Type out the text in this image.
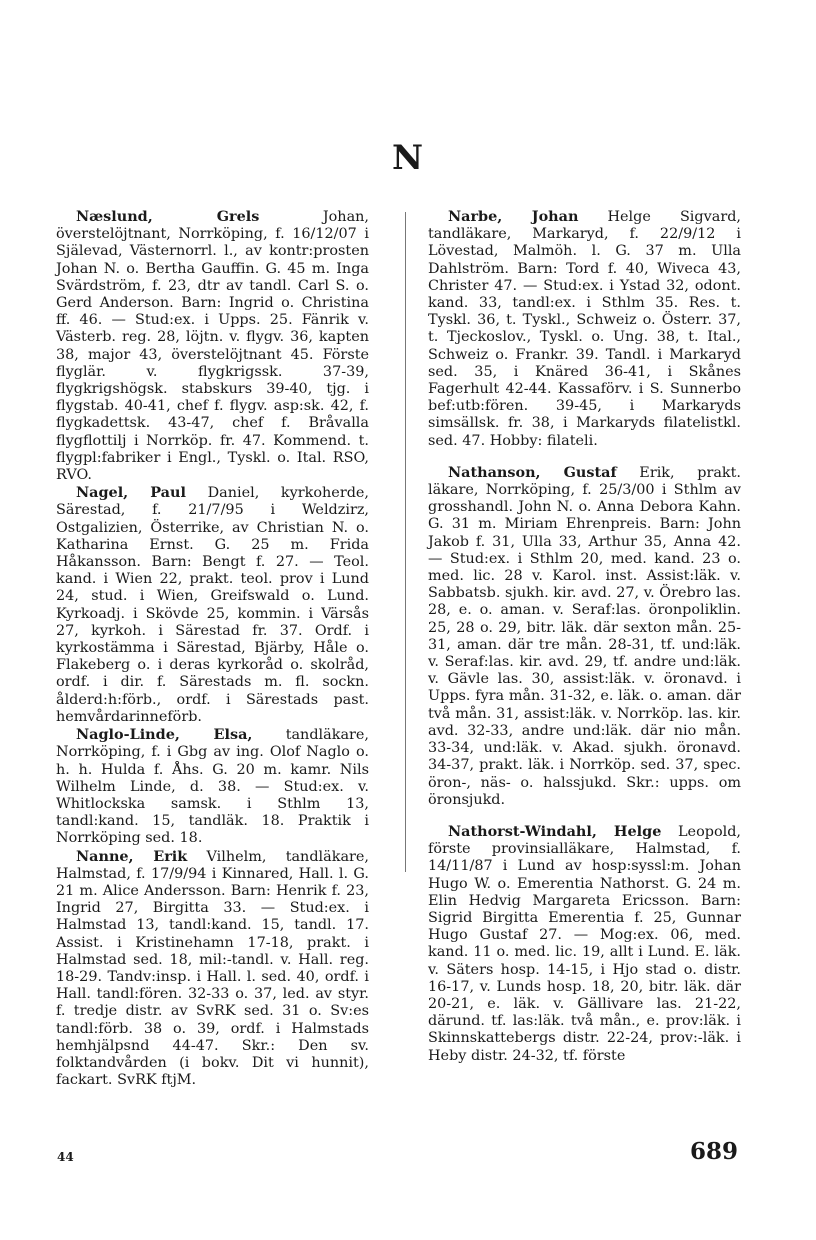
N

Næslund, Grels Johan, överstelöjtnant, Norrköping, f. 16/12/07 i Själevad, Västernorrl. l., av kontr:prosten Johan N. o. Bertha Gauffin. G. 45 m. Inga Svärdström, f. 23, dtr av tandl. Carl S. o. Gerd Anderson. Barn: Ingrid o. Christina ff. 46. — Stud:ex. i Upps. 25. Fänrik v. Västerb. reg. 28, löjtn. v. flygv. 36, kapten 38, major 43, överstelöjtnant 45. Förste flyglär. v. flygkrigssk. 37-39, flygkrigshögsk. stabskurs 39-40, tjg. i flygstab. 40-41, chef f. flygv. asp:sk. 42, f. flygkadettsk. 43-47, chef f. Bråvalla flygflottilj i Norrköp. fr. 47. Kommend. t. flygpl:fabriker i Engl., Tyskl. o. Ital. RSO, RVO.

Nagel, Paul Daniel, kyrkoherde, Särestad, f. 21/7/95 i Weldzirz, Ostgalizien, Österrike, av Christian N. o. Katharina Ernst. G. 25 m. Frida Håkansson. Barn: Bengt f. 27. — Teol. kand. i Wien 22, prakt. teol. prov i Lund 24, stud. i Wien, Greifswald o. Lund. Kyrkoadj. i Skövde 25, kommin. i Värsås 27, kyrkoh. i Särestad fr. 37. Ordf. i kyrkostämma i Särestad, Bjärby, Håle o. Flakeberg o. i deras kyrkoråd o. skolråd, ordf. i dir. f. Särestads m. fl. sockn. ålderd:h:förb., ordf. i Särestads past. hemvårdarinneförb.

Naglo-Linde, Elsa, tandläkare, Norrköping, f. i Gbg av ing. Olof Naglo o. h. h. Hulda f. Åhs. G. 20 m. kamr. Nils Wilhelm Linde, d. 38. — Stud:ex. v. Whitlockska samsk. i Sthlm 13, tandl:kand. 15, tandläk. 18. Praktik i Norrköping sed. 18.

Nanne, Erik Vilhelm, tandläkare, Halmstad, f. 17/9/94 i Kinnared, Hall. l. G. 21 m. Alice Andersson. Barn: Henrik f. 23, Ingrid 27, Birgitta 33. — Stud:ex. i Halmstad 13, tandl:kand. 15, tandl. 17. Assist. i Kristinehamn 17-18, prakt. i Halmstad sed. 18, mil:-tandl. v. Hall. reg. 18-29. Tandv:insp. i Hall. l. sed. 40, ordf. i Hall. tandl:fören. 32-33 o. 37, led. av styr. f. tredje distr. av SvRK sed. 31 o. Sv:es tandl:förb. 38 o. 39, ordf. i Halmstads hemhjälpsnd 44-47. Skr.: Den sv. folktandvården (i bokv. Dit vi hunnit), fackart. SvRK ftjM.

Narbe, Johan Helge Sigvard, tandläkare, Markaryd, f. 22/9/12 i Lövestad, Malmöh. l. G. 37 m. Ulla Dahlström. Barn: Tord f. 40, Wiveca 43, Christer 47. — Stud:ex. i Ystad 32, odont. kand. 33, tandl:ex. i Sthlm 35. Res. t. Tyskl. 36, t. Tyskl., Schweiz o. Österr. 37, t. Tjeckoslov., Tyskl. o. Ung. 38, t. Ital., Schweiz o. Frankr. 39. Tandl. i Markaryd sed. 35, i Knäred 36-41, i Skånes Fagerhult 42-44. Kassaförv. i S. Sunnerbo bef:utb:fören. 39-45, i Markaryds simsällsk. fr. 38, i Markaryds filatelistkl. sed. 47. Hobby: filateli.

Nathanson, Gustaf Erik, prakt. läkare, Norrköping, f. 25/3/00 i Sthlm av grosshandl. John N. o. Anna Debora Kahn. G. 31 m. Miriam Ehrenpreis. Barn: John Jakob f. 31, Ulla 33, Arthur 35, Anna 42. — Stud:ex. i Sthlm 20, med. kand. 23 o. med. lic. 28 v. Karol. inst. Assist:läk. v. Sabbatsb. sjukh. kir. avd. 27, v. Örebro las. 28, e. o. aman. v. Seraf:las. öronpoliklin. 25, 28 o. 29, bitr. läk. där sexton mån. 25-31, aman. där tre mån. 28-31, tf. und:läk. v. Seraf:las. kir. avd. 29, tf. andre und:läk. v. Gävle las. 30, assist:läk. v. öronavd. i Upps. fyra mån. 31-32, e. läk. o. aman. där två mån. 31, assist:läk. v. Norrköp. las. kir. avd. 32-33, andre und:läk. där nio mån. 33-34, und:läk. v. Akad. sjukh. öronavd. 34-37, prakt. läk. i Norrköp. sed. 37, spec. öron-, näs- o. halssjukd. Skr.: upps. om öronsjukd.

Nathorst-Windahl, Helge Leopold, förste provinsialläkare, Halmstad, f. 14/11/87 i Lund av hosp:syssl:m. Johan Hugo W. o. Emerentia Nathorst. G. 24 m. Elin Hedvig Margareta Ericsson. Barn: Sigrid Birgitta Emerentia f. 25, Gunnar Hugo Gustaf 27. — Mog:ex. 06, med. kand. 11 o. med. lic. 19, allt i Lund. E. läk. v. Säters hosp. 14-15, i Hjo stad o. distr. 16-17, v. Lunds hosp. 18, 20, bitr. läk. där 20-21, e. läk. v. Gällivare las. 21-22, därund. tf. las:läk. två mån., e. prov:läk. i Skinnskattebergs distr. 22-24, prov:-läk. i Heby distr. 24-32, tf. förste

44	689
